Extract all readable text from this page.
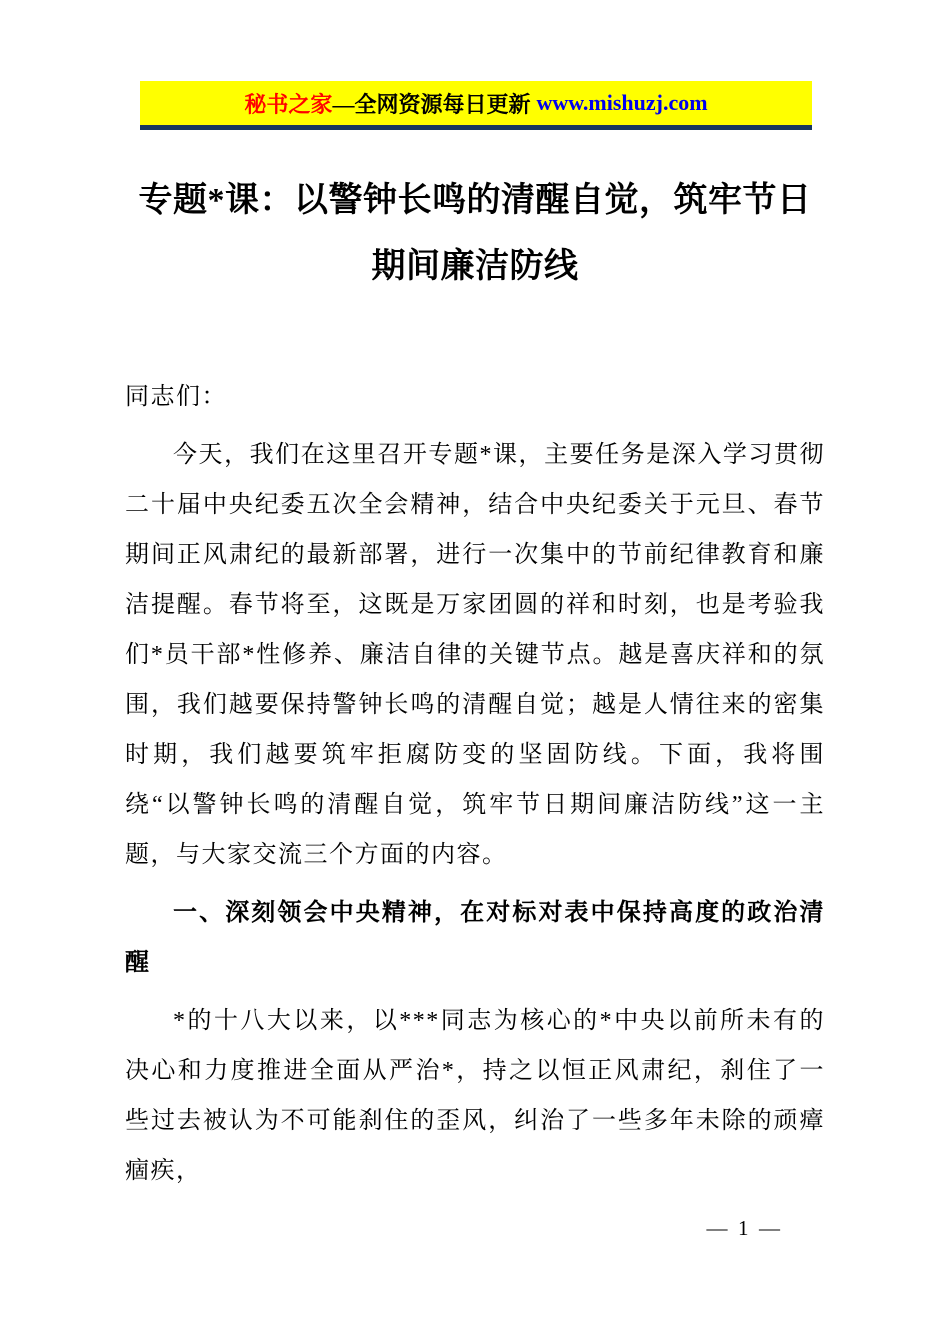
秘书之家 —全网资源每日更新 www.mishuzj.com
专题*课：以警钟长鸣的清醒自觉，筑牢节日期间廉洁防线

同志们：

今天，我们在这里召开专题*课，主要任务是深入学习贯彻二十届中央纪委五次全会精神，结合中央纪委关于元旦、春节期间正风肃纪的最新部署，进行一次集中的节前纪律教育和廉洁提醒。春节将至，这既是万家团圆的祥和时刻，也是考验我们*员干部*性修养、廉洁自律的关键节点。越是喜庆祥和的氛围，我们越要保持警钟长鸣的清醒自觉；越是人情往来的密集时期，我们越要筑牢拒腐防变的坚固防线。下面，我将围绕“以警钟长鸣的清醒自觉，筑牢节日期间廉洁防线”这一主题，与大家交流三个方面的内容。

一、深刻领会中央精神，在对标对表中保持高度的政治清醒

*的十八大以来，以***同志为核心的*中央以前所未有的决心和力度推进全面从严治*，持之以恒正风肃纪，刹住了一些过去被认为不可能刹住的歪风，纠治了一些多年未除的顽瘴痼疾，

—  1  —
